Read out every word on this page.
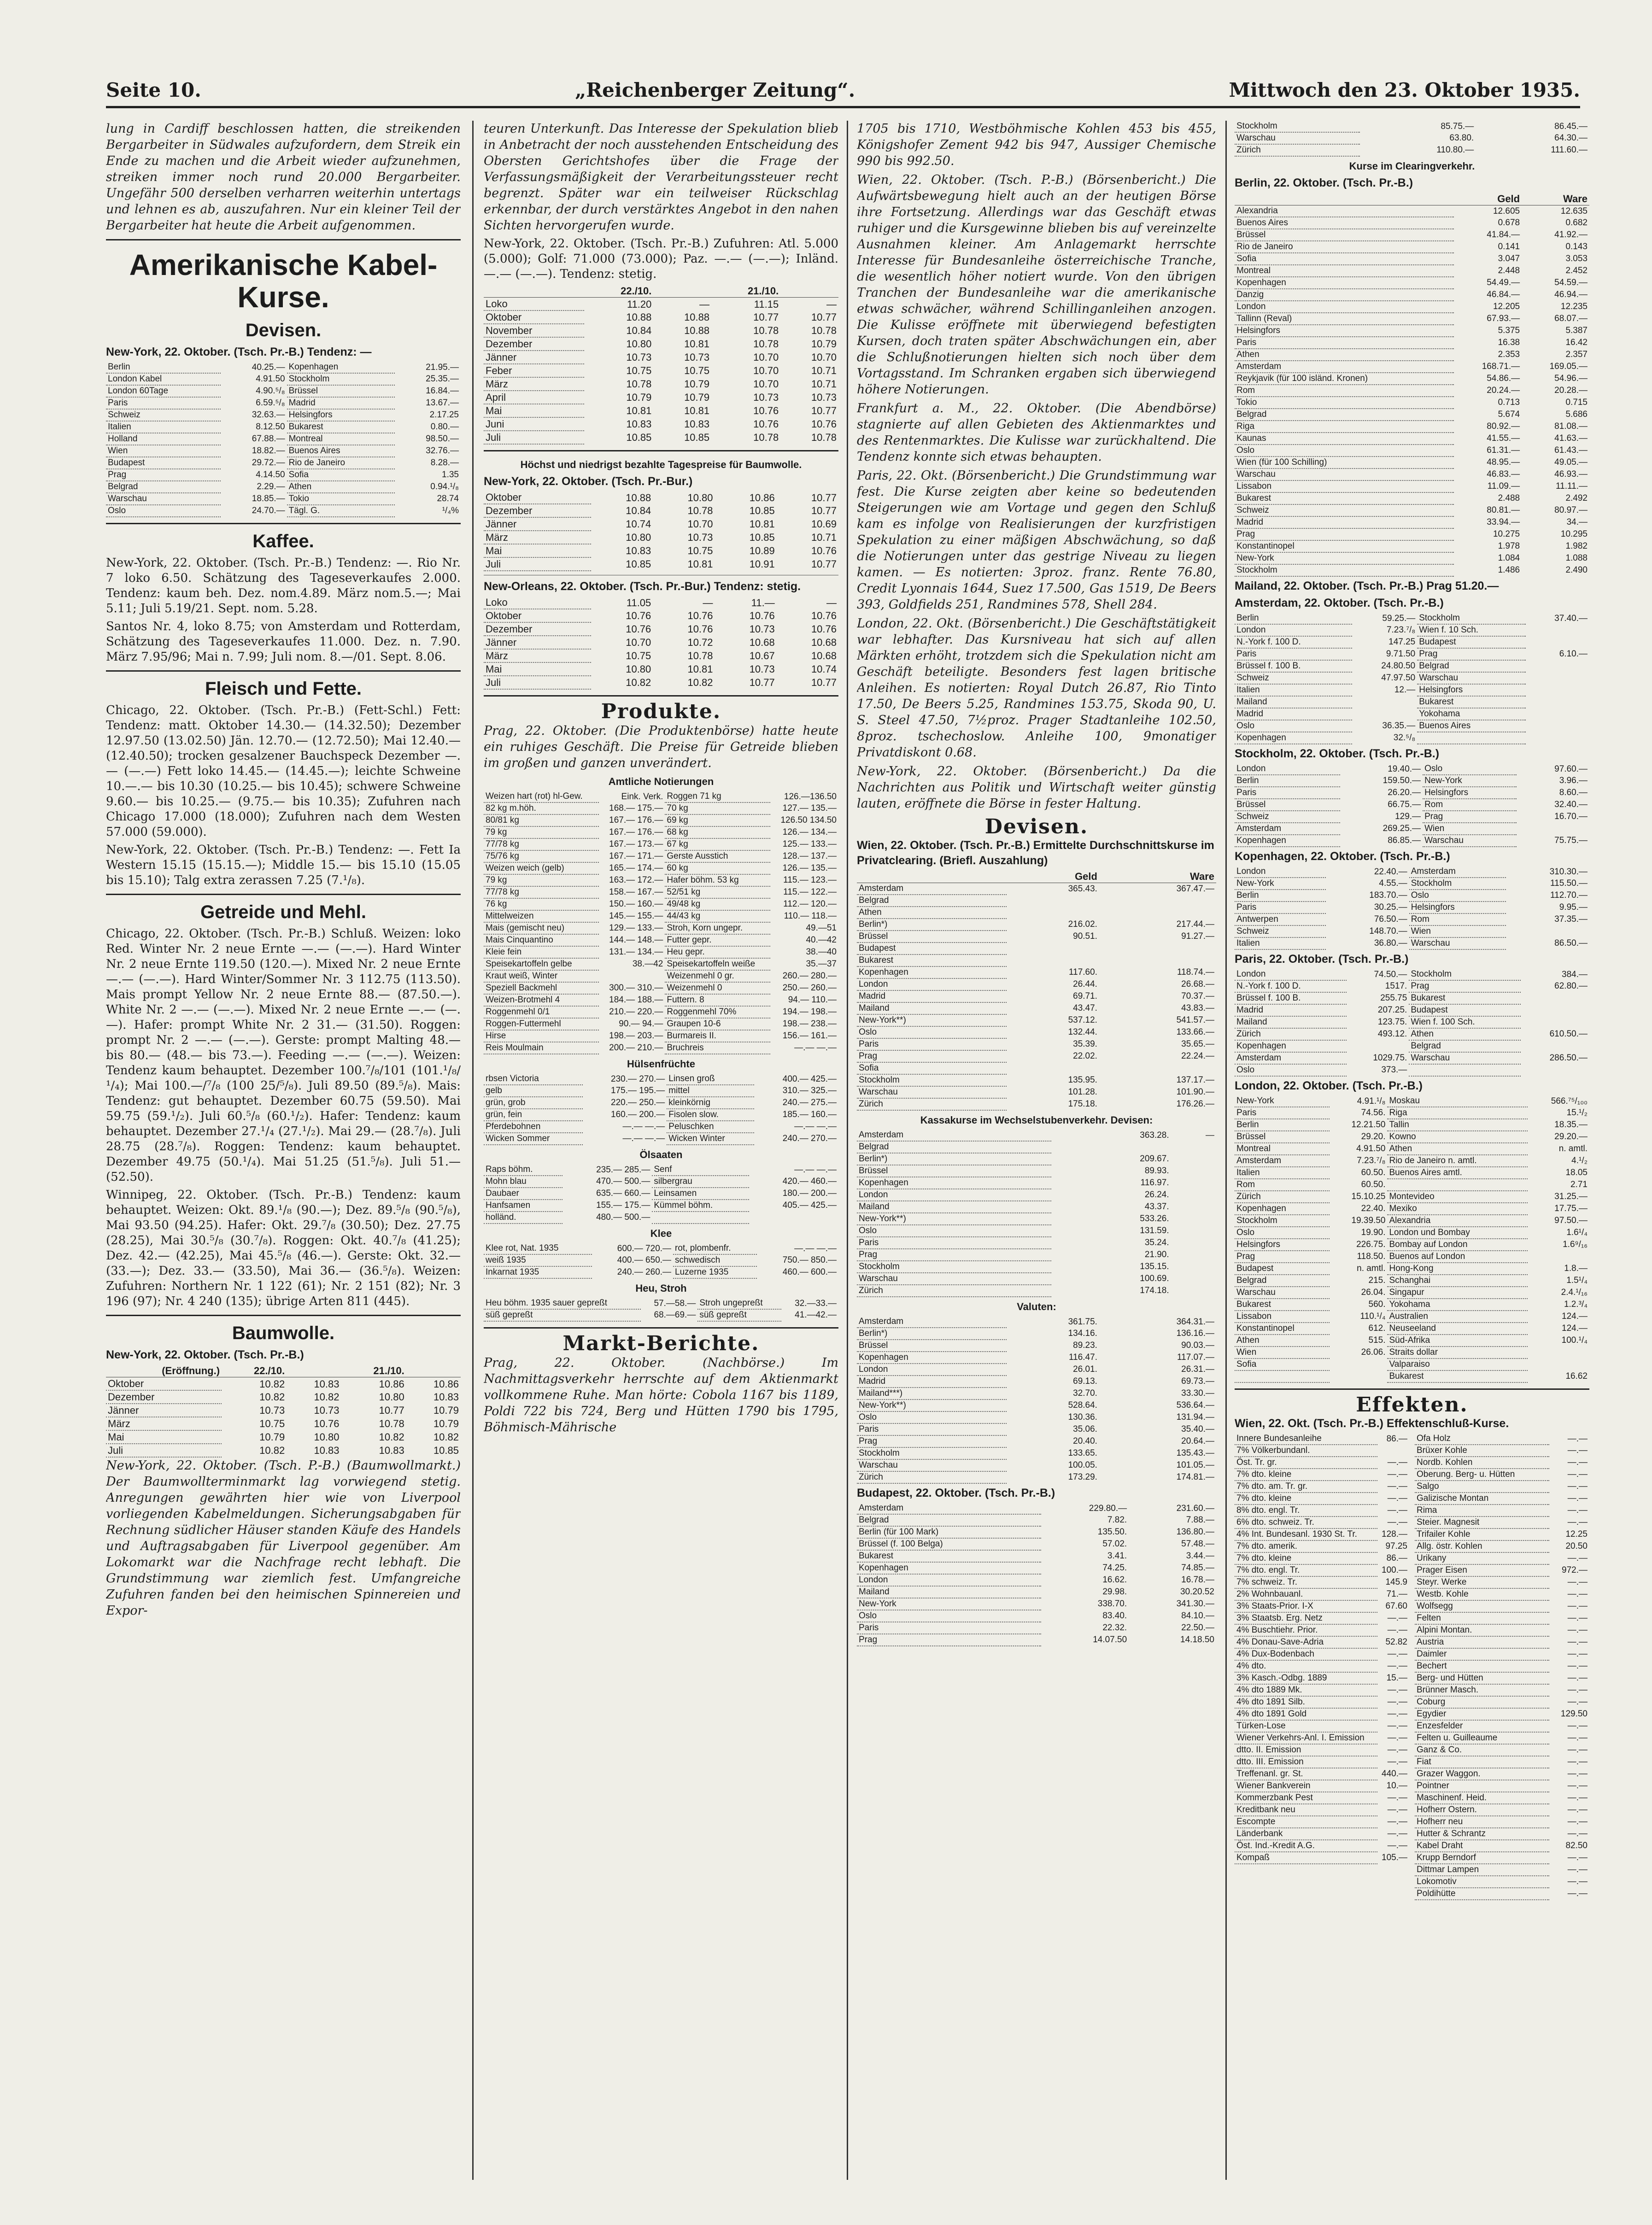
Seite 10.	„Reichenberger Zeitung“.	Mittwoch den 23. Oktober 1935.

lung in Cardiff beschlossen hatten, die streikenden Bergarbeiter in Südwales aufzufordern, dem Streik ein Ende zu machen und die Arbeit wieder aufzunehmen, streiken immer noch rund 20.000 Bergarbeiter. Ungefähr 500 derselben verharren weiterhin untertags und lehnen es ab, auszufahren. Nur ein kleiner Teil der Bergarbeiter hat heute die Arbeit aufgenommen.

Amerikanische Kabel-Kurse.
Devisen.
New-York, 22. Oktober. (Tsch. Pr.-B.) Tendenz: —
Berlin	40.25.—	Kopenhagen	21.95.—
London Kabel	4.91.50	Stockholm	25.35.—
London 60Tage	4.90.⁵/₈	Brüssel	16.84.—
Paris	6.59.⁵/₈	Madrid	13.67.—
Schweiz	32.63.—	Helsingfors	2.17.25
Italien	8.12.50	Bukarest	0.80.—
Holland	67.88.—	Montreal	98.50.—
Wien	18.82.—	Buenos Aires	32.76.—
Budapest	29.72.—	Rio de Janeiro	8.28.—
Prag	4.14.50	Sofia	1.35
Belgrad	2.29.—	Athen	0.94.¹/₈
Warschau	18.85.—	Tokio	28.74
Oslo	24.70.—	Tägl. G.	¹/₄%
Kaffee.

New-York, 22. Oktober. (Tsch. Pr.-B.) Tendenz: —. Rio Nr. 7 loko 6.50. Schätzung des Tageseverkaufes 2.000. Tendenz: kaum beh. Dez. nom.4.89. März nom.5.—; Mai 5.11; Juli 5.19/21. Sept. nom. 5.28.

Santos Nr. 4, loko 8.75; von Amsterdam und Rotterdam, Schätzung des Tageseverkaufes 11.000. Dez. n. 7.90. März 7.95/96; Mai n. 7.99; Juli nom. 8.—/01. Sept. 8.06.

Fleisch und Fette.

Chicago, 22. Oktober. (Tsch. Pr.-B.) (Fett-Schl.) Fett: Tendenz: matt. Oktober 14.30.— (14.32.50); Dezember 12.97.50 (13.02.50) Jän. 12.70.— (12.72.50); Mai 12.40.— (12.40.50); trocken gesalzener Bauchspeck Dezember —.— (—.—) Fett loko 14.45.— (14.45.—); leichte Schweine 10.—.— bis 10.30 (10.25.— bis 10.45); schwere Schweine 9.60.— bis 10.25.— (9.75.— bis 10.35); Zufuhren nach Chicago 17.000 (18.000); Zufuhren nach dem Westen 57.000 (59.000).

New-York, 22. Oktober. (Tsch. Pr.-B.) Tendenz: —. Fett Ia Western 15.15 (15.15.—); Middle 15.— bis 15.10 (15.05 bis 15.10); Talg extra zerassen 7.25 (7.¹/₈).

Getreide und Mehl.

Chicago, 22. Oktober. (Tsch. Pr.-B.) Schluß. Weizen: loko Red. Winter Nr. 2 neue Ernte —.— (—.—). Hard Winter Nr. 2 neue Ernte 119.50 (120.—). Mixed Nr. 2 neue Ernte —.— (—.—). Hard Winter/Sommer Nr. 3 112.75 (113.50). Mais prompt Yellow Nr. 2 neue Ernte 88.— (87.50.—). White Nr. 2 —.— (—.—). Mixed Nr. 2 neue Ernte —.— (—.—). Hafer: prompt White Nr. 2 31.— (31.50). Roggen: prompt Nr. 2 —.— (—.—). Gerste: prompt Malting 48.— bis 80.— (48.— bis 73.—). Feeding —.— (—.—). Weizen: Tendenz kaum behauptet. Dezember 100.⁷/₈/101 (101.¹/₈/¹/₄); Mai 100.—/⁷/₈ (100 25/⁵/₈). Juli 89.50 (89.⁵/₈). Mais: Tendenz: gut behauptet. Dezember 60.75 (59.50). Mai 59.75 (59.¹/₂). Juli 60.⁵/₈ (60.¹/₂). Hafer: Tendenz: kaum behauptet. Dezember 27.¹/₄ (27.¹/₂). Mai 29.— (28.⁷/₈). Juli 28.75 (28.⁷/₈). Roggen: Tendenz: kaum behauptet. Dezember 49.75 (50.¹/₄). Mai 51.25 (51.⁵/₈). Juli 51.— (52.50).

Winnipeg, 22. Oktober. (Tsch. Pr.-B.) Tendenz: kaum behauptet. Weizen: Okt. 89.¹/₈ (90.—); Dez. 89.⁵/₈ (90.⁵/₈), Mai 93.50 (94.25). Hafer: Okt. 29.⁷/₈ (30.50); Dez. 27.75 (28.25), Mai 30.⁵/₈ (30.⁷/₈). Roggen: Okt. 40.⁷/₈ (41.25); Dez. 42.— (42.25), Mai 45.⁵/₈ (46.—). Gerste: Okt. 32.— (33.—); Dez. 33.— (33.50), Mai 36.— (36.⁵/₈). Weizen: Zufuhren: Northern Nr. 1 122 (61); Nr. 2 151 (82); Nr. 3 196 (97); Nr. 4 240 (135); übrige Arten 811 (445).

Baumwolle.
New-York, 22. Oktober. (Tsch. Pr.-B.)
(Eröffnung.)	22./10.		21./10.	
Oktober	10.82	10.83	10.86	10.86
Dezember	10.82	10.82	10.80	10.83
Jänner	10.73	10.73	10.77	10.79
März	10.75	10.76	10.78	10.79
Mai	10.79	10.80	10.82	10.82
Juli	10.82	10.83	10.83	10.85

New-York, 22. Oktober. (Tsch. P.-B.) (Baumwollmarkt.) Der Baumwollterminmarkt lag vorwiegend stetig. Anregungen gewährten hier wie von Liverpool vorliegenden Kabelmeldungen. Sicherungsabgaben für Rechnung südlicher Häuser standen Käufe des Handels und Auftragsabgaben für Liverpool gegenüber. Am Lokomarkt war die Nachfrage recht lebhaft. Die Grundstimmung war ziemlich fest. Umfangreiche Zufuhren fanden bei den heimischen Spinnereien und Expor-

teuren Unterkunft. Das Interesse der Spekulation blieb in Anbetracht der noch ausstehenden Entscheidung des Obersten Gerichtshofes über die Frage der Verfassungsmäßigkeit der Verarbeitungssteuer recht begrenzt. Später war ein teilweiser Rückschlag erkennbar, der durch verstärktes Angebot in den nahen Sichten hervorgerufen wurde.

New-York, 22. Oktober. (Tsch. Pr.-B.) Zufuhren: Atl. 5.000 (5.000); Golf: 71.000 (73.000); Paz. —.— (—.—); Inländ. —.— (—.—). Tendenz: stetig.

	22./10.		21./10.	
Loko	11.20	—	11.15	—
Oktober	10.88	10.88	10.77	10.77
November	10.84	10.88	10.78	10.78
Dezember	10.80	10.81	10.78	10.79
Jänner	10.73	10.73	10.70	10.70
Feber	10.75	10.75	10.70	10.71
März	10.78	10.79	10.70	10.71
April	10.79	10.79	10.73	10.73
Mai	10.81	10.81	10.76	10.77
Juni	10.83	10.83	10.76	10.76
Juli	10.85	10.85	10.78	10.78
Höchst und niedrigst bezahlte Tagespreise für Baumwolle.
New-York, 22. Oktober. (Tsch. Pr.-Bur.)
Oktober	10.88	10.80	10.86	10.77
Dezember	10.84	10.78	10.85	10.77
Jänner	10.74	10.70	10.81	10.69
März	10.80	10.73	10.85	10.71
Mai	10.83	10.75	10.89	10.76
Juli	10.85	10.81	10.91	10.77
New-Orleans, 22. Oktober. (Tsch. Pr.-Bur.) Tendenz: stetig.
Loko	11.05	—	11.—	—
Oktober	10.76	10.76	10.76	10.76
Dezember	10.76	10.76	10.73	10.76
Jänner	10.70	10.72	10.68	10.68
März	10.75	10.78	10.67	10.68
Mai	10.80	10.81	10.73	10.74
Juli	10.82	10.82	10.77	10.77
Produkte.

Prag, 22. Oktober. (Die Produktenbörse) hatte heute ein ruhiges Geschäft. Die Preise für Getreide blieben im großen und ganzen unverändert.

Amtliche Notierungen
Weizen hart (rot) hl-Gew.	Eink. Verk.	Roggen 71 kg	126.—136.50
82 kg m.höh.	168.— 175.—	70 kg	127.— 135.—
80/81 kg	167.— 176.—	69 kg	126.50 134.50
79 kg	167.— 176.—	68 kg	126.— 134.—
77/78 kg	167.— 173.—	67 kg	125.— 133.—
75/76 kg	167.— 171.—	Gerste Ausstich	128.— 137.—
Weizen weich (gelb)	165.— 174.—	60 kg	126.— 135.—
79 kg	163.— 172.—	Hafer böhm. 53 kg	115.— 123.—
77/78 kg	158.— 167.—	52/51 kg	115.— 122.—
76 kg	150.— 160.—	49/48 kg	112.— 120.—
Mittelweizen	145.— 155.—	44/43 kg	110.— 118.—
Mais (gemischt neu)	129.— 133.—	Stroh, Korn ungepr.	49.—51
Mais Cinquantino	144.— 148.—	Futter gepr.	40.—42
Kleie fein	131.— 134.—	Heu gepr.	38.—40
Speisekartoffeln gelbe	38.—42	Speisekartoffeln weiße	35.—37
Kraut weiß, Winter		Weizenmehl 0 gr.	260.— 280.—
Speziell Backmehl	300.— 310.—	Weizenmehl 0	250.— 260.—
Weizen-Brotmehl 4	184.— 188.—	Futtern. 8	94.— 110.—
Roggenmehl 0/1	210.— 220.—	Roggenmehl 70%	194.— 198.—
Roggen-Futtermehl	90.— 94.—	Graupen 10-6	198.— 238.—
Hirse	198.— 203.—	Burmareis II.	156.— 161.—
Reis Moulmain	200.— 210.—	Bruchreis	—.— —.—
Hülsenfrüchte
rbsen Victoria	230.— 270.—	Linsen groß	400.— 425.—
gelb	175.— 195.—	mittel	310.— 325.—
grün, grob	220.— 250.—	kleinkörnig	240.— 275.—
grün, fein	160.— 200.—	Fisolen slow.	185.— 160.—
Pferdebohnen	—.— —.—	Peluschken	—.— —.—
Wicken Sommer	—.— —.—	Wicken Winter	240.— 270.—
Ölsaaten
Raps böhm.	235.— 285.—	Senf	—.— —.—
Mohn blau	470.— 500.—	silbergrau	420.— 460.—
Daubaer	635.— 660.—	Leinsamen	180.— 200.—
Hanfsamen	155.— 175.—	Kümmel böhm.	405.— 425.—
holländ.	480.— 500.—		
Klee
Klee rot, Nat. 1935	600.— 720.—	rot, plombenfr.	—.— —.—
weiß 1935	400.— 650.—	schwedisch	750.— 850.—
Inkarnat 1935	240.— 260.—	Luzerne 1935	460.— 600.—
Heu, Stroh
Heu böhm. 1935 sauer gepreßt	57.—58.—	Stroh ungepreßt	32.—33.—
süß gepreßt	68.—69.—	süß gepreßt	41.—42.—
Markt-Berichte.

Prag, 22. Oktober. (Nachbörse.) Im Nachmittagsverkehr herrschte auf dem Aktienmarkt vollkommene Ruhe. Man hörte: Cobola 1167 bis 1189, Poldi 722 bis 724, Berg und Hütten 1790 bis 1795, Böhmisch-Mährische

1705 bis 1710, Westböhmische Kohlen 453 bis 455, Königshofer Zement 942 bis 947, Aussiger Chemische 990 bis 992.50.

Wien, 22. Oktober. (Tsch. P.-B.) (Börsenbericht.) Die Aufwärtsbewegung hielt auch an der heutigen Börse ihre Fortsetzung. Allerdings war das Geschäft etwas ruhiger und die Kursgewinne blieben bis auf vereinzelte Ausnahmen kleiner. Am Anlagemarkt herrschte Interesse für Bundesanleihe österreichische Tranche, die wesentlich höher notiert wurde. Von den übrigen Tranchen der Bundesanleihe war die amerikanische etwas schwächer, während Schillinganleihen anzogen. Die Kulisse eröffnete mit überwiegend befestigten Kursen, doch traten später Abschwächungen ein, aber die Schlußnotierungen hielten sich noch über dem Vortagsstand. Im Schranken ergaben sich überwiegend höhere Notierungen.

Frankfurt a. M., 22. Oktober. (Die Abendbörse) stagnierte auf allen Gebieten des Aktienmarktes und des Rentenmarktes. Die Kulisse war zurückhaltend. Die Tendenz konnte sich etwas behaupten.

Paris, 22. Okt. (Börsenbericht.) Die Grundstimmung war fest. Die Kurse zeigten aber keine so bedeutenden Steigerungen wie am Vortage und gegen den Schluß kam es infolge von Realisierungen der kurzfristigen Spekulation zu einer mäßigen Abschwächung, so daß die Notierungen unter das gestrige Niveau zu liegen kamen. — Es notierten: 3proz. franz. Rente 76.80, Credit Lyonnais 1644, Suez 17.500, Gas 1519, De Beers 393, Goldfields 251, Randmines 578, Shell 284.

London, 22. Okt. (Börsenbericht.) Die Geschäftstätigkeit war lebhafter. Das Kursniveau hat sich auf allen Märkten erhöht, trotzdem sich die Spekulation nicht am Geschäft beteiligte. Besonders fest lagen britische Anleihen. Es notierten: Royal Dutch 26.87, Rio Tinto 17.50, De Beers 5.25, Randmines 153.75, Skoda 90, U. S. Steel 47.50, 7½proz. Prager Stadtanleihe 102.50, 8proz. tschechoslow. Anleihe 100, 9monatiger Privatdiskont 0.68.

New-York, 22. Oktober. (Börsenbericht.) Da die Nachrichten aus Politik und Wirtschaft weiter günstig lauten, eröffnete die Börse in fester Haltung.

Devisen.
Wien, 22. Oktober. (Tsch. Pr.-B.) Ermittelte Durchschnittskurse im Privatclearing. (Briefl. Auszahlung)
	Geld	Ware
Amsterdam	365.43.	367.47.—
Belgrad		
Athen		
Berlin*)	216.02.	217.44.—
Brüssel	90.51.	91.27.—
Budapest		
Bukarest		
Kopenhagen	117.60.	118.74.—
London	26.44.	26.68.—
Madrid	69.71.	70.37.—
Mailand	43.47.	43.83.—
New-York**)	537.12.	541.57.—
Oslo	132.44.	133.66.—
Paris	35.39.	35.65.—
Prag	22.02.	22.24.—
Sofia		
Stockholm	135.95.	137.17.—
Warschau	101.28.	101.90.—
Zürich	175.18.	176.26.—
Kassakurse im Wechselstubenverkehr. Devisen:
Amsterdam	363.28.	—
Belgrad		
Berlin*)	209.67.	
Brüssel	89.93.	
Kopenhagen	116.97.	
London	26.24.	
Mailand	43.37.	
New-York**)	533.26.	
Oslo	131.59.	
Paris	35.24.	
Prag	21.90.	
Stockholm	135.15.	
Warschau	100.69.	
Zürich	174.18.	
Valuten:
Amsterdam	361.75.	364.31.—
Berlin*)	134.16.	136.16.—
Brüssel	89.23.	90.03.—
Kopenhagen	116.47.	117.07.—
London	26.01.	26.31.—
Madrid	69.13.	69.73.—
Mailand***)	32.70.	33.30.—
New-York**)	528.64.	536.64.—
Oslo	130.36.	131.94.—
Paris	35.06.	35.40.—
Prag	20.40.	20.64.—
Stockholm	133.65.	135.43.—
Warschau	100.05.	101.05.—
Zürich	173.29.	174.81.—
Budapest, 22. Oktober. (Tsch. Pr.-B.)
Amsterdam	229.80.—	231.60.—
Belgrad	7.82.	7.88.—
Berlin (für 100 Mark)	135.50.	136.80.—
Brüssel (f. 100 Belga)	57.02.	57.48.—
Bukarest	3.41.	3.44.—
Kopenhagen	74.25.	74.85.—
London	16.62.	16.78.—
Mailand	29.98.	30.20.52
New-York	338.70.	341.30.—
Oslo	83.40.	84.10.—
Paris	22.32.	22.50.—
Prag	14.07.50	14.18.50
Stockholm	85.75.—	86.45.—
Warschau	63.80.	64.30.—
Zürich	110.80.—	111.60.—
Kurse im Clearingverkehr.
Berlin, 22. Oktober. (Tsch. Pr.-B.)
	Geld	Ware
Alexandria	12.605	12.635
Buenos Aires	0.678	0.682
Brüssel	41.84.—	41.92.—
Rio de Janeiro	0.141	0.143
Sofia	3.047	3.053
Montreal	2.448	2.452
Kopenhagen	54.49.—	54.59.—
Danzig	46.84.—	46.94.—
London	12.205	12.235
Tallinn (Reval)	67.93.—	68.07.—
Helsingfors	5.375	5.387
Paris	16.38	16.42
Athen	2.353	2.357
Amsterdam	168.71.—	169.05.—
Reykjavik (für 100 isländ. Kronen)	54.86.—	54.96.—
Rom	20.24.—	20.28.—
Tokio	0.713	0.715
Belgrad	5.674	5.686
Riga	80.92.—	81.08.—
Kaunas	41.55.—	41.63.—
Oslo	61.31.—	61.43.—
Wien (für 100 Schilling)	48.95.—	49.05.—
Warschau	46.83.—	46.93.—
Lissabon	11.09.—	11.11.—
Bukarest	2.488	2.492
Schweiz	80.81.—	80.97.—
Madrid	33.94.—	34.—
Prag	10.275	10.295
Konstantinopel	1.978	1.982
New-York	1.084	1.088
Stockholm	1.486	2.490
Mailand, 22. Oktober. (Tsch. Pr.-B.) Prag 51.20.—
Amsterdam, 22. Oktober. (Tsch. Pr.-B.)
Berlin	59.25.—	Stockholm	37.40.—
London	7.23.⁷/₈	Wien f. 10 Sch.	
N.-York f. 100 D.	147.25	Budapest	
Paris	9.71.50	Prag	6.10.—
Brüssel f. 100 B.	24.80.50	Belgrad	
Schweiz	47.97.50	Warschau	
Italien	12.—	Helsingfors	
Mailand		Bukarest	
Madrid		Yokohama	
Oslo	36.35.—	Buenos Aires	
Kopenhagen	32.⁵/₈		
Stockholm, 22. Oktober. (Tsch. Pr.-B.)
London	19.40.—	Oslo	97.60.—
Berlin	159.50.—	New-York	3.96.—
Paris	26.20.—	Helsingfors	8.60.—
Brüssel	66.75.—	Rom	32.40.—
Schweiz	129.—	Prag	16.70.—
Amsterdam	269.25.—	Wien	
Kopenhagen	86.85.—	Warschau	75.75.—
Kopenhagen, 22. Oktober. (Tsch. Pr.-B.)
London	22.40.—	Amsterdam	310.30.—
New-York	4.55.—	Stockholm	115.50.—
Berlin	183.70.—	Oslo	112.70.—
Paris	30.25.—	Helsingfors	9.95.—
Antwerpen	76.50.—	Rom	37.35.—
Schweiz	148.70.—	Wien	
Italien	36.80.—	Warschau	86.50.—
Paris, 22. Oktober. (Tsch. Pr.-B.)
London	74.50.—	Stockholm	384.—
N.-York f. 100 D.	1517.	Prag	62.80.—
Brüssel f. 100 B.	255.75	Bukarest	
Madrid	207.25.	Budapest	
Mailand	123.75.	Wien f. 100 Sch.	
Zürich	493.12.	Athen	610.50.—
Kopenhagen		Belgrad	
Amsterdam	1029.75.	Warschau	286.50.—
Oslo	373.—		
London, 22. Oktober. (Tsch. Pr.-B.)
New-York	4.91.¹/₈	Moskau	566.⁷⁵/₁₀₀
Paris	74.56.	Riga	15.¹/₂
Berlin	12.21.50	Tallin	18.35.—
Brüssel	29.20.	Kowno	29.20.—
Montreal	4.91.50	Athen	n. amtl.
Amsterdam	7.23.⁷/₈	Rio de Janeiro n. amtl.	4.¹/₂
Italien	60.50.	Buenos Aires amtl.	18.05
Rom	60.50.		2.71
Zürich	15.10.25	Montevideo	31.25.—
Kopenhagen	22.40.	Mexiko	17.75.—
Stockholm	19.39.50	Alexandria	97.50.—
Oslo	19.90.	London und Bombay	1.6¹/₄
Helsingfors	226.75.	Bombay auf London	1.6⁹/₁₆
Prag	118.50.	Buenos auf London	
Budapest	n. amtl.	Hong-Kong	1.8.—
Belgrad	215.	Schanghai	1.5¹/₄
Warschau	26.04.	Singapur	2.4.¹/₁₆
Bukarest	560.	Yokohama	1.2.³/₄
Lissabon	110.¹/₄	Australien	124.—
Konstantinopel	612.	Neuseeland	124.—
Athen	515.	Süd-Afrika	100.¹/₄
Wien	26.06.	Straits dollar	
Sofia		Valparaiso	
		Bukarest	16.62
Effekten.
Wien, 22. Okt. (Tsch. Pr.-B.) Effektenschluß-Kurse.
Innere Bundesanleihe	86.—
7% Völkerbundanl.	
Öst. Tr. gr.	—.—
7% dto. kleine	—.—
7% dto. am. Tr. gr.	—.—
7% dto. kleine	—.—
8% dto. engl. Tr.	—.—
6% dto. schweiz. Tr.	—.—
4% Int. Bundesanl. 1930 St. Tr.	128.—
7% dto. amerik.	97.25
7% dto. kleine	86.—
7% dto. engl. Tr.	100.—
7% schweiz. Tr.	145.9
2% Wohnbauanl.	71.—
3% Staats-Prior. I-X	67.60
3% Staatsb. Erg. Netz	—.—
4% Buschtiehr. Prior.	—.—
4% Donau-Save-Adria	52.82
4% Dux-Bodenbach	—.—
4% dto.	—.—
3% Kasch.-Odbg. 1889	15.—
4% dto 1889 Mk.	—.—
4% dto 1891 Silb.	—.—
4% dto 1891 Gold	—.—
Türken-Lose	—.—
Wiener Verkehrs-Anl. I. Emission	—.—
dtto. II. Emission	—.—
dtto. III. Emission	—.—
Treffenanl. gr. St.	440.—
Wiener Bankverein	10.—
Kommerzbank Pest	—.—
Kreditbank neu	—.—
Escompte	—.—
Länderbank	—.—
Öst. Ind.-Kredit A.G.	—.—
Kompaß	105.—
Ofa Holz	—.—
Brüxer Kohle	—.—
Nordb. Kohlen	—.—
Oberung. Berg- u. Hütten	—.—
Salgo	—.—
Galizische Montan	—.—
Rima	—.—
Steier. Magnesit	—.—
Trifailer Kohle	12.25
Allg. östr. Kohlen	20.50
Urikany	—.—
Prager Eisen	972.—
Steyr. Werke	—.—
Westb. Kohle	—.—
Wolfsegg	—.—
Felten	—.—
Alpini Montan.	—.—
Austria	—.—
Daimler	—.—
Bechert	—.—
Berg- und Hütten	—.—
Brünner Masch.	—.—
Coburg	—.—
Egydier	129.50
Enzesfelder	—.—
Felten u. Guilleaume	—.—
Ganz & Co.	—.—
Fiat	—.—
Grazer Waggon.	—.—
Pointner	—.—
Maschinenf. Heid.	—.—
Hofherr Ostern.	—.—
Hofherr neu	—.—
Hutter & Schrantz	—.—
Kabel Draht	82.50
Krupp Berndorf	—.—
Dittmar Lampen	—.—
Lokomotiv	—.—
Poldihütte	—.—
